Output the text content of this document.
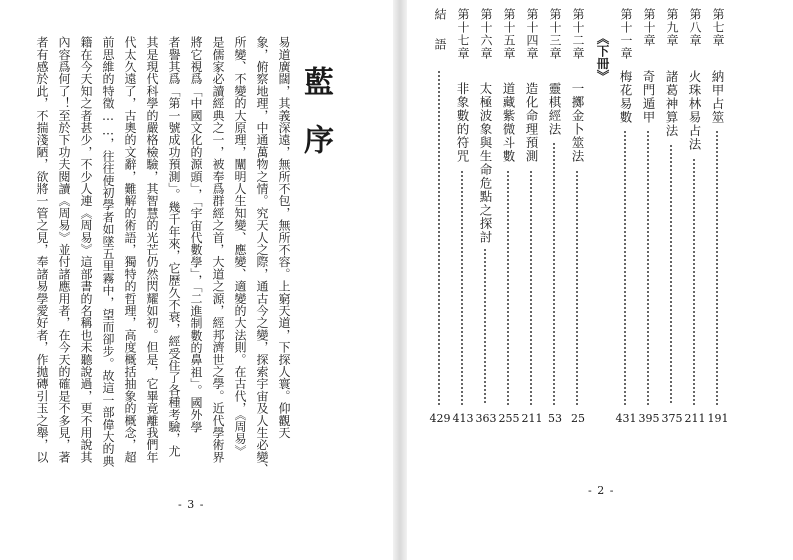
藍序
易道廣闊，其義深遠，無所不包，無所不容。上窮天道，下探人寰。仰觀天
象，俯察地理，中通萬物之情。究天人之際，通古今之變，探索宇宙及人生必變、
所變、不變的大原理，闡明人生知變、應變、適變的大法則。在古代，《周易》
是儒家必讀經典之一，被奉爲群經之首，大道之源，經邦濟世之學。近代學術界
將它視爲「中國文化的源頭」，「宇宙代數學」，「二進制數的鼻祖」。國外學
者譽其爲「第一號成功預測」。幾千年來，它歷久不衰，經受住了各種考驗，尤
其是現代科學的嚴格檢驗，其智慧的光芒仍然閃耀如初。但是，它畢竟離我們年
代太久遠了，古奧的文辭，難解的術語，獨特的哲理，高度概括抽象的概念，超
前思維的特徵……，往往使初學者如墜五里霧中，望而卻步。故這一部偉大的典
籍在今天知之者甚少，不少人連《周易》這部書的名稱也未聽說過，更不用說其
內容爲何了！至於下功夫閱讀《周易》並付諸應用者，在今天的確是不多見，著
者有感於此，不揣淺陋，欲將一管之見，奉諸易學愛好者，作拋磚引玉之舉，以
- 3 -
第七章
納甲占筮
191
第八章
火珠林易占法
211
第九章
諸葛神算法
375
第十章
奇門遁甲
395
第十一章
梅花易數
431
《下冊》
第十二章
一擲金卜筮法
25
第十三章
靈棋經法
53
第十四章
造化命理預測
211
第十五章
道藏紫微斗數
255
第十六章
太極波象與生命危點之探討
363
第十七章
非象數的符咒
413
結語
429
- 2 -
